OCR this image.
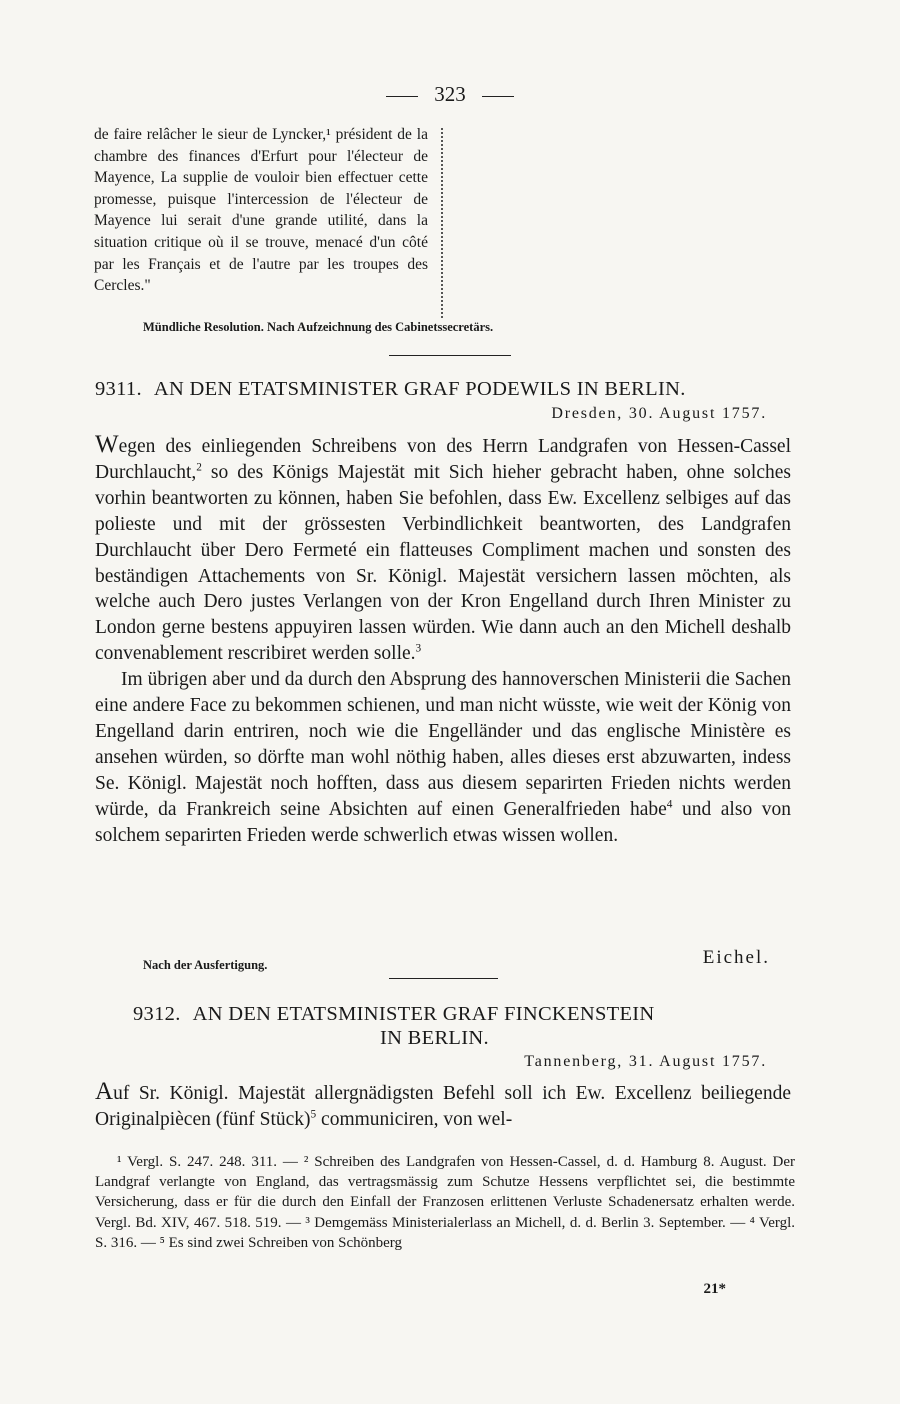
323
de faire relâcher le sieur de Lyncker,¹ président de la chambre des finances d'Erfurt pour l'électeur de Mayence, La supplie de vouloir bien effectuer cette promesse, puisque l'intercession de l'électeur de Mayence lui serait d'une grande utilité, dans la situation critique où il se trouve, menacé d'un côté par les Français et de l'autre par les troupes des Cercles."
Mündliche Resolution. Nach Aufzeichnung des Cabinetssecretärs.
9311. AN DEN ETATSMINISTER GRAF PODEWILS IN BERLIN.
Dresden, 30. August 1757.

Wegen des einliegenden Schreibens von des Herrn Landgrafen von Hessen-Cassel Durchlaucht,$^2$ so des Königs Majestät mit Sich hieher gebracht haben, ohne solches vorhin beantworten zu können, haben Sie befohlen, dass Ew. Excellenz selbiges auf das polieste und mit der grössesten Verbindlichkeit beantworten, des Landgrafen Durchlaucht über Dero Fermeté ein flatteuses Compliment machen und sonsten des beständigen Attachements von Sr. Königl. Majestät versichern lassen möchten, als welche auch Dero justes Verlangen von der Kron Engelland durch Ihren Minister zu London gerne bestens appuyiren lassen würden. Wie dann auch an den Michell deshalb convenablement rescribiret werden solle.$^3$

Im übrigen aber und da durch den Absprung des hannoverschen Ministerii die Sachen eine andere Face zu bekommen schienen, und man nicht wüsste, wie weit der König von Engelland darin entriren, noch wie die Engelländer und das englische Ministère es ansehen würden, so dörfte man wohl nöthig haben, alles dieses erst abzuwarten, indess Se. Königl. Majestät noch hofften, dass aus diesem separirten Frieden nichts werden würde, da Frankreich seine Absichten auf einen Generalfrieden habe$^4$ und also von solchem separirten Frieden werde schwerlich etwas wissen wollen.

Nach der Ausfertigung.	Eichel.
9312. AN DEN ETATSMINISTER GRAF FINCKENSTEIN
IN BERLIN.
Tannenberg, 31. August 1757.

Auf Sr. Königl. Majestät allergnädigsten Befehl soll ich Ew. Excellenz beiliegende Originalpiècen (fünf Stück)$^5$ communiciren, von wel-

¹ Vergl. S. 247. 248. 311. — ² Schreiben des Landgrafen von Hessen-Cassel, d. d. Hamburg 8. August. Der Landgraf verlangte von England, das vertragsmässig zum Schutze Hessens verpflichtet sei, die bestimmte Versicherung, dass er für die durch den Einfall der Franzosen erlittenen Verluste Schadenersatz erhalten werde. Vergl. Bd. XIV, 467. 518. 519. — ³ Demgemäss Ministerialerlass an Michell, d. d. Berlin 3. September. — ⁴ Vergl. S. 316. — ⁵ Es sind zwei Schreiben von Schönberg

21*
